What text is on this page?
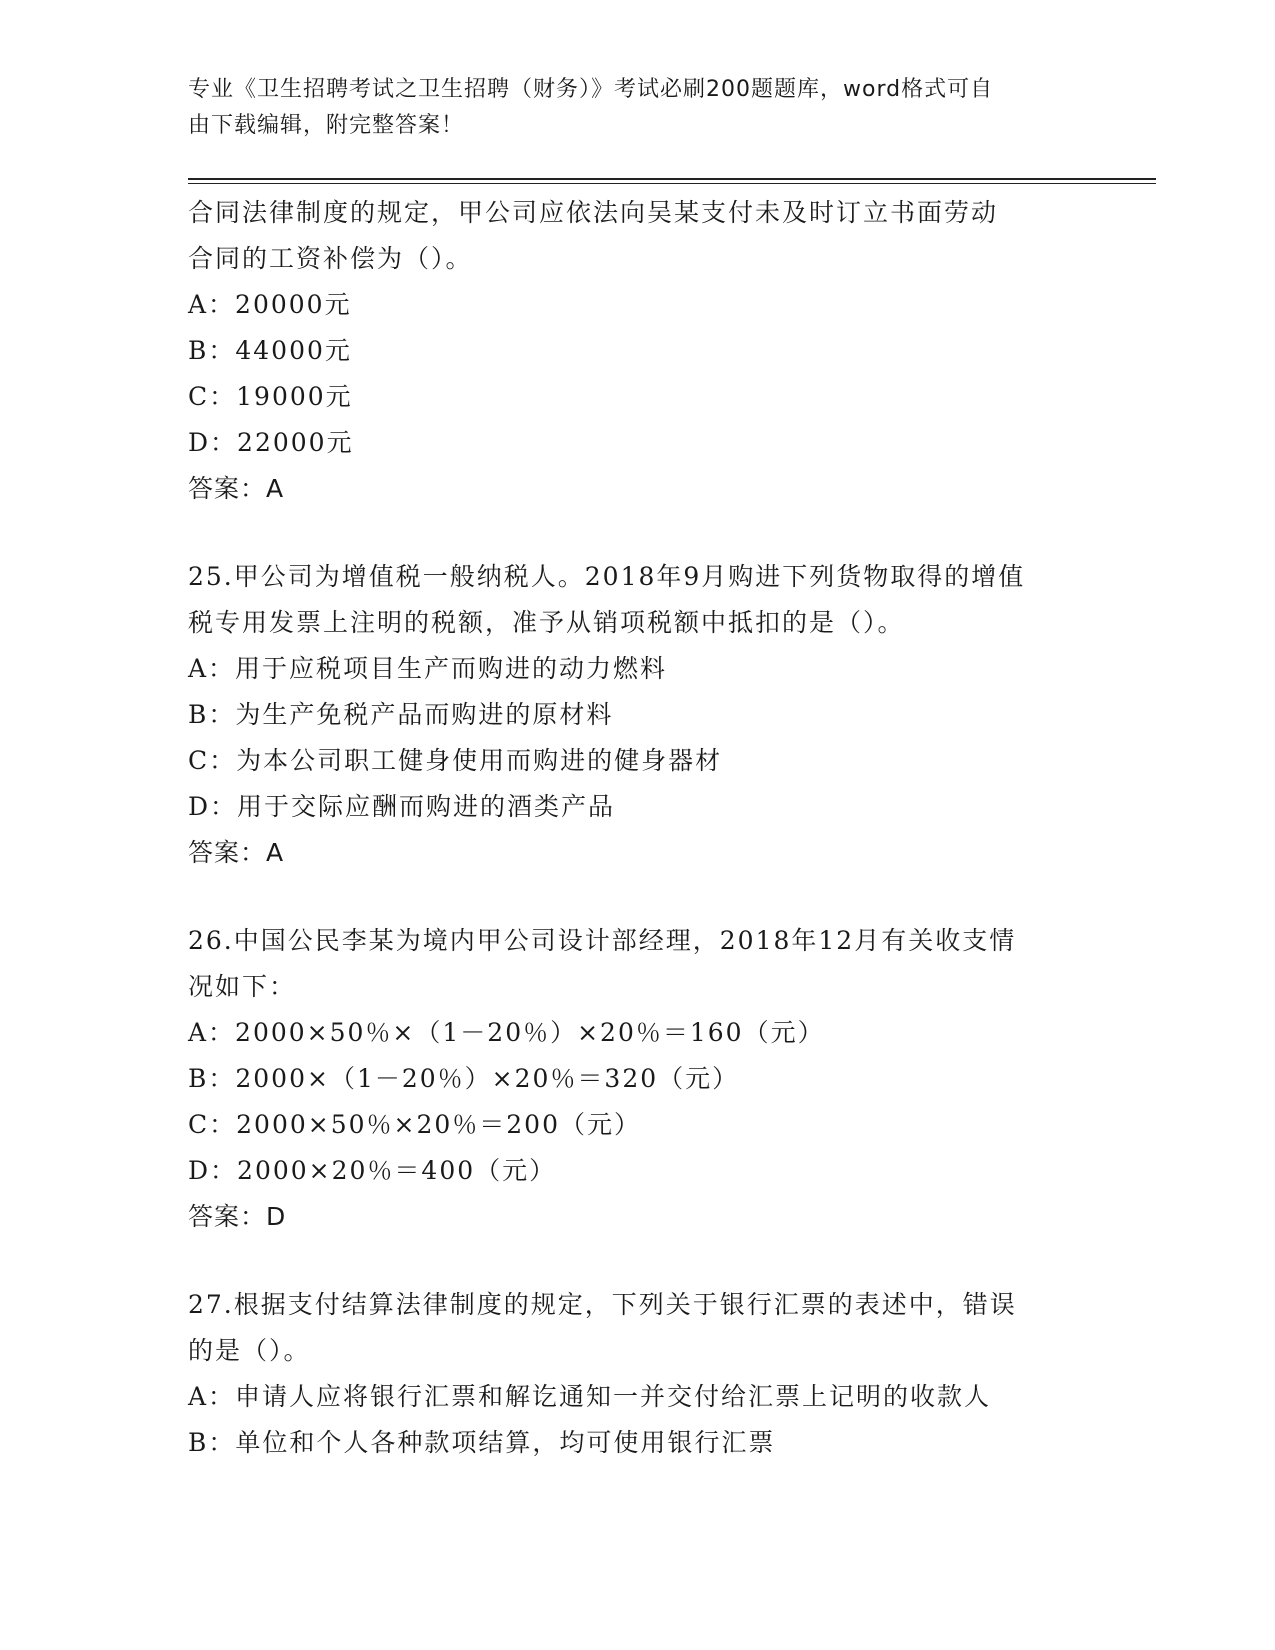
专业《卫生招聘考试之卫生招聘（财务）》考试必刷200题题库，word格式可自
由下载编辑，附完整答案！
合同法律制度的规定，甲公司应依法向吴某支付未及时订立书面劳动
合同的工资补偿为（）。
A：20000元
B：44000元
C：19000元
D：22000元
答案：A
25.甲公司为增值税一般纳税人。2018年9月购进下列货物取得的增值
税专用发票上注明的税额，准予从销项税额中抵扣的是（）。
A：用于应税项目生产而购进的动力燃料
B：为生产免税产品而购进的原材料
C：为本公司职工健身使用而购进的健身器材
D：用于交际应酬而购进的酒类产品
答案：A
26.中国公民李某为境内甲公司设计部经理，2018年12月有关收支情
况如下：
A：2000×50％×（1－20％）×20％＝160（元）
B：2000×（1－20％）×20％＝320（元）
C：2000×50％×20％＝200（元）
D：2000×20％＝400（元）
答案：D
27.根据支付结算法律制度的规定，下列关于银行汇票的表述中，错误
的是（）。
A：申请人应将银行汇票和解讫通知一并交付给汇票上记明的收款人
B：单位和个人各种款项结算，均可使用银行汇票
